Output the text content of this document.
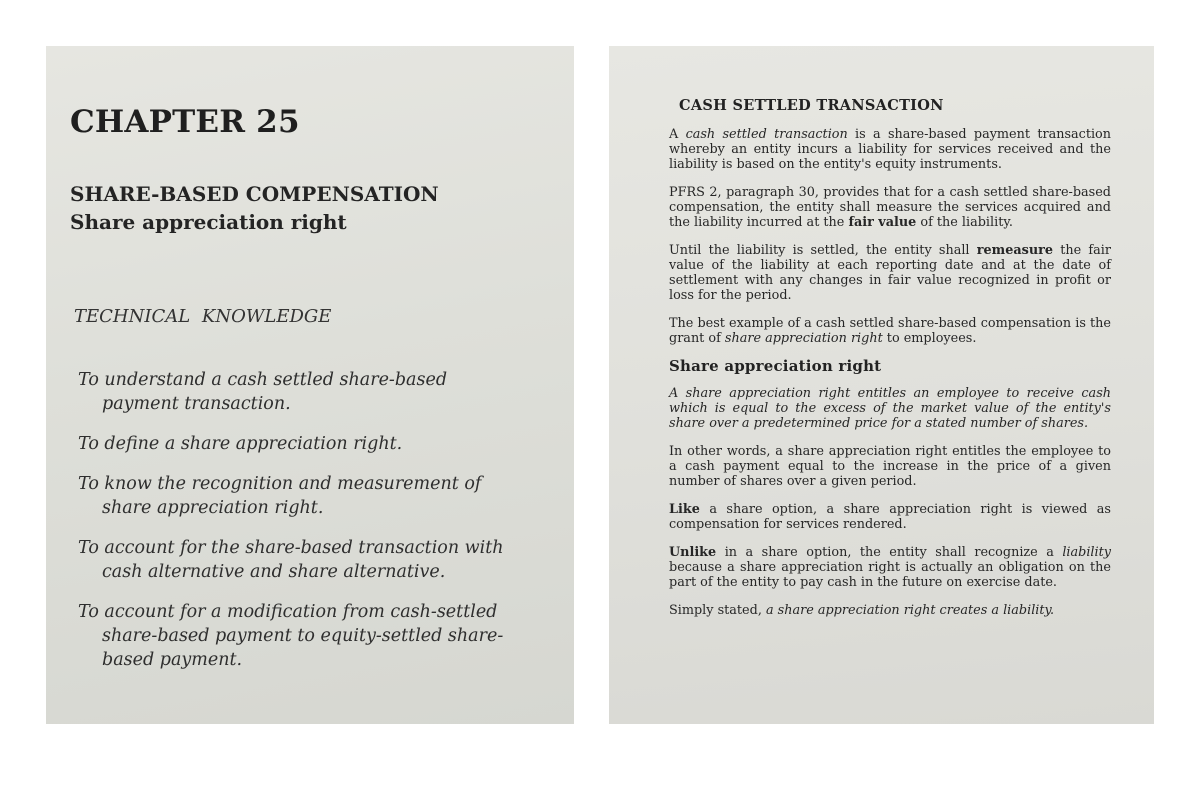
CHAPTER 25
SHARE-BASED COMPENSATION
Share appreciation right
TECHNICAL KNOWLEDGE
To understand a cash settled share-based payment transaction.
To define a share appreciation right.
To know the recognition and measurement of share appreciation right.
To account for the share-based transaction with cash alternative and share alternative.
To account for a modification from cash-settled share-based payment to equity-settled share-based payment.
CASH SETTLED TRANSACTION

A cash settled transaction is a share-based payment transaction whereby an entity incurs a liability for services received and the liability is based on the entity's equity instruments.

PFRS 2, paragraph 30, provides that for a cash settled share-based compensation, the entity shall measure the services acquired and the liability incurred at the fair value of the liability.

Until the liability is settled, the entity shall remeasure the fair value of the liability at each reporting date and at the date of settlement with any changes in fair value recognized in profit or loss for the period.

The best example of a cash settled share-based compensation is the grant of share appreciation right to employees.

Share appreciation right

A share appreciation right entitles an employee to receive cash which is equal to the excess of the market value of the entity's share over a predetermined price for a stated number of shares.

In other words, a share appreciation right entitles the employee to a cash payment equal to the increase in the price of a given number of shares over a given period.

Like a share option, a share appreciation right is viewed as compensation for services rendered.

Unlike in a share option, the entity shall recognize a liability because a share appreciation right is actually an obligation on the part of the entity to pay cash in the future on exercise date.

Simply stated, a share appreciation right creates a liability.
